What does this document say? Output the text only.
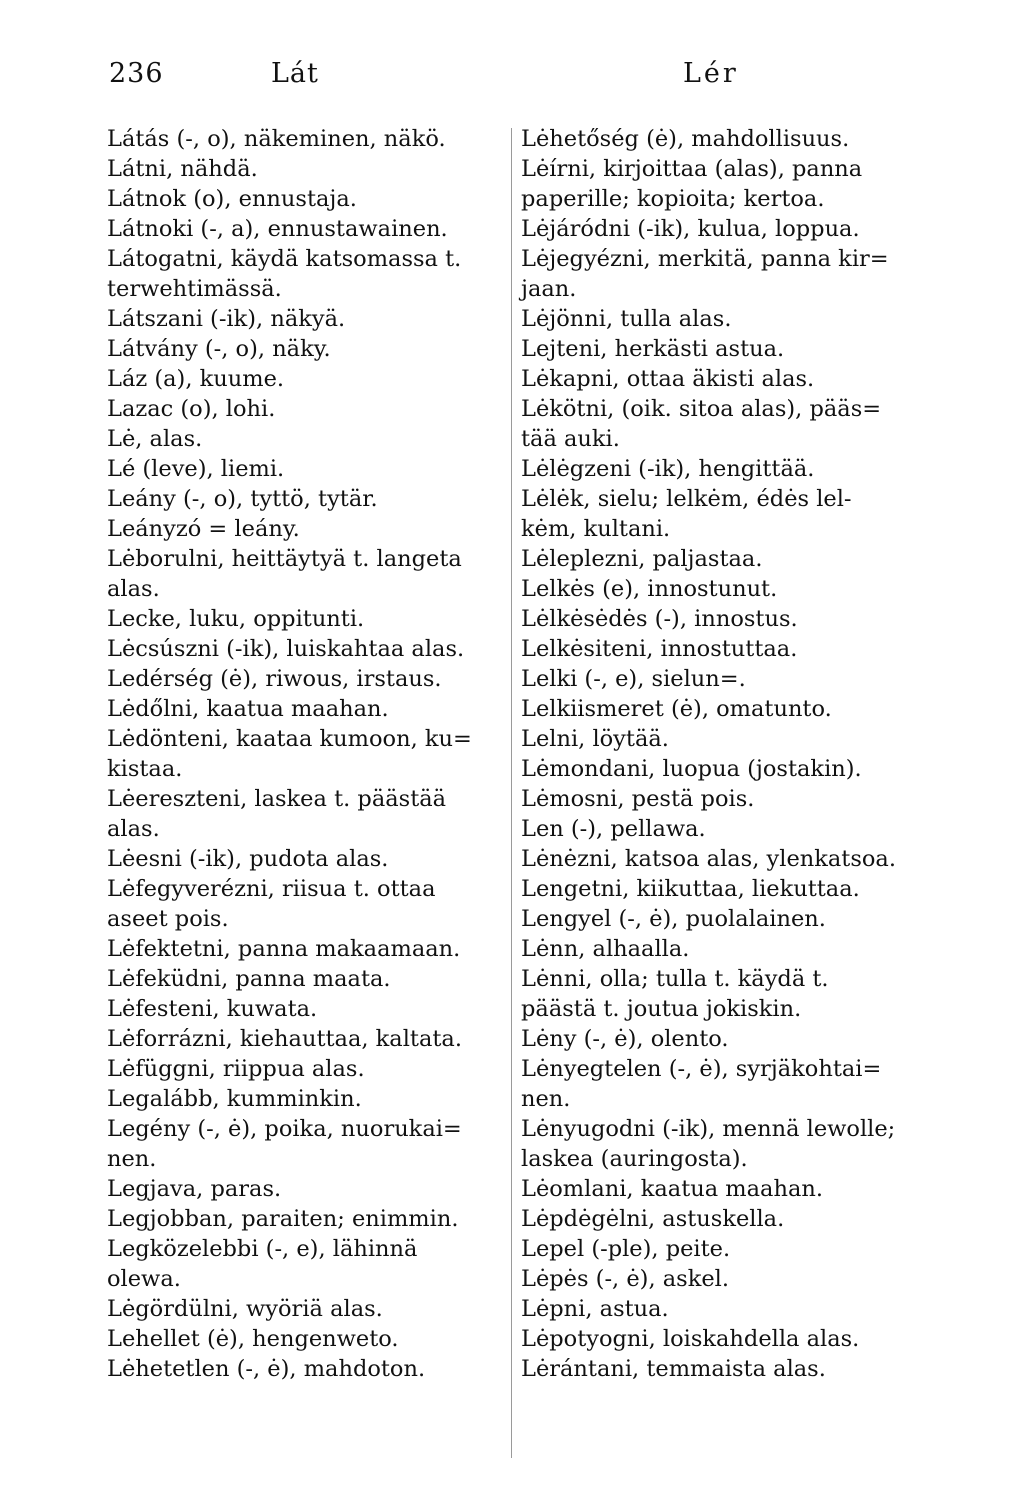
236	Lát	Lér
Látás (-, o), näkeminen, näkö.
Látni, nähdä.
Látnok (o), ennustaja.
Látnoki (-, a), ennustawainen.
Látogatni, käydä katsomassa t.
terwehtimässä.
Látszani (-ik), näkyä.
Látvány (-, o), näky.
Láz (a), kuume.
Lazac (o), lohi.
Lė, alas.
Lé (leve), liemi.
Leány (-, o), tyttö, tytär.
Leányzó = leány.
Lėborulni, heittäytyä t. langeta
alas.
Lecke, luku, oppitunti.
Lėcsúszni (-ik), luiskahtaa alas.
Ledérség (ė), riwous, irstaus.
Lėdőlni, kaatua maahan.
Lėdönteni, kaataa kumoon, ku=
kistaa.
Lėereszteni, laskea t. päästää
alas.
Lėesni (-ik), pudota alas.
Lėfegyverézni, riisua t. ottaa
aseet pois.
Lėfektetni, panna makaamaan.
Lėfeküdni, panna maata.
Lėfesteni, kuwata.
Lėforrázni, kiehauttaa, kaltata.
Lėfüggni, riippua alas.
Legalább, kumminkin.
Legény (-, ė), poika, nuorukai=
nen.
Legjava, paras.
Legjobban, paraiten; enimmin.
Legközelebbi (-, e), lähinnä
olewa.
Lėgördülni, wyöriä alas.
Lehellet (ė), hengenweto.
Lėhetetlen (-, ė), mahdoton.
Lėhetőség (ė), mahdollisuus.
Lėírni, kirjoittaa (alas), panna
paperille; kopioita; kertoa.
Lėjáródni (-ik), kulua, loppua.
Lėjegyézni, merkitä, panna kir=
jaan.
Lėjönni, tulla alas.
Lejteni, herkästi astua.
Lėkapni, ottaa äkisti alas.
Lėkötni, (oik. sitoa alas), pääs=
tää auki.
Lėlėgzeni (-ik), hengittää.
Lėlėk, sielu; lelkėm, édės lel-
kėm, kultani.
Lėleplezni, paljastaa.
Lelkės (e), innostunut.
Lėlkėsėdės (-), innostus.
Lelkėsiteni, innostuttaa.
Lelki (-, e), sielun=.
Lelkiismeret (ė), omatunto.
Lelni, löytää.
Lėmondani, luopua (jostakin).
Lėmosni, pestä pois.
Len (-), pellawa.
Lėnėzni, katsoa alas, ylenkatsoa.
Lengetni, kiikuttaa, liekuttaa.
Lengyel (-, ė), puolalainen.
Lėnn, alhaalla.
Lėnni, olla; tulla t. käydä t.
päästä t. joutua jokiskin.
Lėny (-, ė), olento.
Lėnyegtelen (-, ė), syrjäkohtai=
nen.
Lėnyugodni (-ik), mennä lewolle;
laskea (auringosta).
Lėomlani, kaatua maahan.
Lėpdėgėlni, astuskella.
Lepel (-ple), peite.
Lėpės (-, ė), askel.
Lėpni, astua.
Lėpotyogni, loiskahdella alas.
Lėrántani, temmaista alas.
